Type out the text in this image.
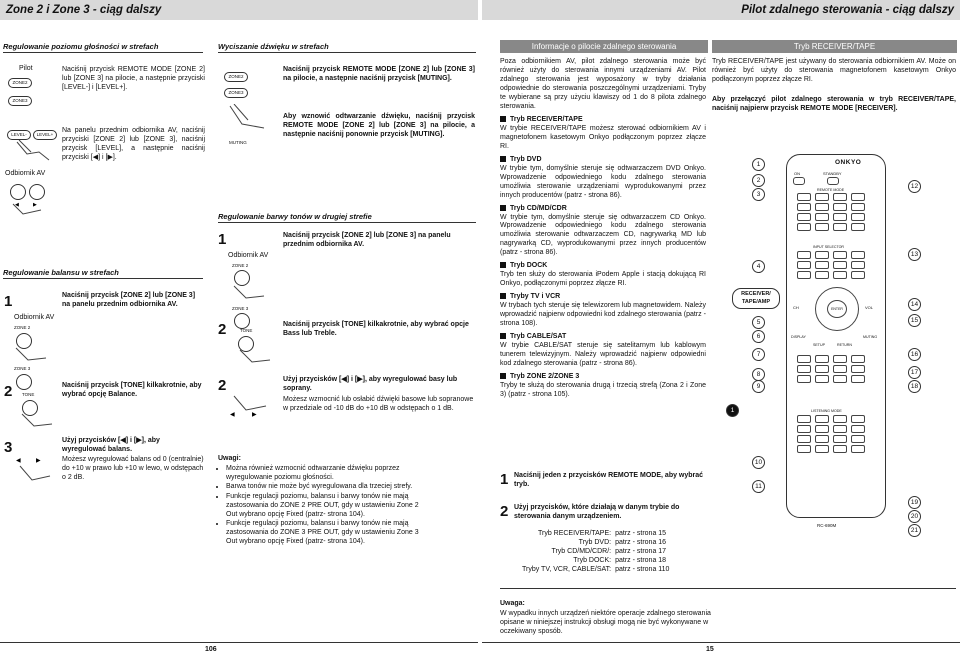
Zone 2 i Zone 3 - ciąg dalszy
Regulowanie poziomu głośności w strefach
Pilot
ZONE2
ZONE3
LEVEL-	LEVEL+
Odbiornik AV
◀	▶
Naciśnij przycisk REMOTE MODE [ZONE 2] lub [ZONE 3] na pilocie, a następnie przyciski [LEVEL-] i [LEVEL+].
Na panelu przednim odbiornika AV, naciśnij przyciski [ZONE 2] lub [ZONE 3], naciśnij przycisk [LEVEL], a następnie naciśnij przyciski [◀] i [▶].
Regulowanie balansu w strefach
1
Odbiornik AV
ZONE 2
ZONE 3
2 TONE
3
◀	▶
Naciśnij przycisk [ZONE 2] lub [ZONE 3] na panelu przednim odbiornika AV.
Naciśnij przycisk [TONE] kilkakrotnie, aby wybrać opcję Balance.
Użyj przycisków [◀] i [▶], aby wyregulować balans.
Możesz wyregulować balans od 0 (centralnie) do +10 w prawo lub +10 w lewo, w odstępach o 2 dB.
Wyciszanie dźwięku w strefach
ZONE2
ZONE3
MUTING
Naciśnij przycisk REMOTE MODE [ZONE 2] lub [ZONE 3] na pilocie, a następnie naciśnij przycisk [MUTING].
Aby wznowić odtwarzanie dźwięku, naciśnij przycisk REMOTE MODE [ZONE 2] lub [ZONE 3] na pilocie, a następnie naciśnij ponownie przycisk [MUTING].
Regulowanie barwy tonów w drugiej strefie
1
Odbiornik AV
ZONE 2
ZONE 3
2	TONE
2
◀	▶
Naciśnij przycisk [ZONE 2] lub [ZONE 3] na panelu przednim odbiornika AV.
Naciśnij przycisk [TONE] kilkakrotnie, aby wybrać opcje Bass lub Treble.
Użyj przycisków [◀] i [▶], aby wyregulować basy lub soprany.
Możesz wzmocnić lub osłabić dźwięki basowe lub sopranowe w przedziale od -10 dB do +10 dB w odstępach o 1 dB.
Uwagi:
• Można również wzmocnić odtwarzanie dźwięku poprzez wyregulowanie poziomu głośności.
• Barwa tonów nie może być wyregulowana dla trzeciej strefy.
• Funkcje regulacji poziomu, balansu i barwy tonów nie mają zastosowania do ZONE 2 PRE OUT, gdy w ustawieniu Zone 2 Out wybrano opcję Fixed (patrz- strona 104).
• Funkcje regulacji poziomu, balansu i barwy tonów nie mają zastosowania do ZONE 3 PRE OUT, gdy w ustawieniu Zone 3 Out wybrano opcję Fixed (patrz- strona 104).
106
Pilot zdalnego sterowania - ciąg dalszy
Informacje o pilocie zdalnego sterowania	Tryb RECEIVER/TAPE
Poza odbiornikiem AV, pilot zdalnego sterowania może być również użyty do sterowania innymi urządzeniami AV. Pilot zdalnego sterowania jest wyposażony w tryby działania odpowiednie do sterowania poszczególnymi urządzeniami. Tryby te wybierane są przy użyciu klawiszy od 1 do 8 pilota zdalnego sterowania.
Tryb RECEIVER/TAPE
W trybie RECEIVER/TAPE możesz sterować odbiornikiem AV i magnetofonem kasetowym Onkyo podłączonym poprzez złącze RI.
Tryb DVD
W trybie tym, domyślnie steruje się odtwarzaczem DVD Onkyo. Wprowadzenie odpowiedniego kodu zdalnego sterowania umożliwia sterowanie urządzeniami wyprodukowanymi przez innych producentów (patrz - strona 86).
Tryb CD/MD/CDR
W trybie tym, domyślnie steruje się odtwarzaczem CD Onkyo. Wprowadzenie odpowiedniego kodu zdalnego sterowania umożliwia sterowanie odtwarzaczem CD, nagrywarką MD lub nagrywarką CD, wyprodukowanymi przez innych producentów (patrz - strona 86).
Tryb DOCK
Tryb ten służy do sterowania iPodem Apple i stacją dokującą RI Onkyo, podłączonymi poprzez złącze RI.
Tryby TV i VCR
W trybach tych steruje się telewizorem lub magnetowidem. Należy wprowadzić najpierw odpowiedni kod zdalnego sterowania (patrz - strona 108).
Tryb CABLE/SAT
W trybie CABLE/SAT steruje się satelitarnym lub kablowym tunerem telewizyjnym. Należy wprowadzić najpierw odpowiedni kod zdalnego sterowania (patrz - strona 86).
Tryb ZONE 2/ZONE 3
Tryby te służą do sterowania drugą i trzecią strefą (Zona 2 i Zone 3) (patrz - strona 105).
Tryb RECEIVER/TAPE jest używany do sterowania odbiornikiem AV. Może on również być użyty do sterowania magnetofonem kasetowym Onkyo podłączonym poprzez złącze RI.
Aby przełączyć pilot zdalnego sterowania w tryb RECEIVER/TAPE, naciśnij najpierw przycisk REMOTE MODE [RECEIVER].
ONKYO
ON	STANDBY
REMOTE MODE
INPUT SELECTOR
ENTER
CH	VOL
DISPLAY	MUTING
SETUP	RETURN
LISTENING MODE
RC-690M
RECEIVER/ TAPE/AMP
1
2
3
4
5
6
7
8
9
10
11
1
12
13
14
15
16
17
18
19
20
21
1 Naciśnij jeden z przycisków REMOTE MODE, aby wybrać tryb.
2 Użyj przycisków, które działają w danym trybie do sterowania danym urządzeniem.
Tryb RECEIVER/TAPE:	patrz - strona 15
Tryb DVD:	patrz - strona 16
Tryb CD/MD/CDR/:	patrz - strona 17
Tryb DOCK:	patrz - strona 18
Tryby TV, VCR, CABLE/SAT:	patrz - strona 110
Uwaga:
W wypadku innych urządzeń niektóre operacje zdalnego sterowania opisane w niniejszej instrukcji obsługi mogą nie być wykonywane w oczekiwany sposób.
15
